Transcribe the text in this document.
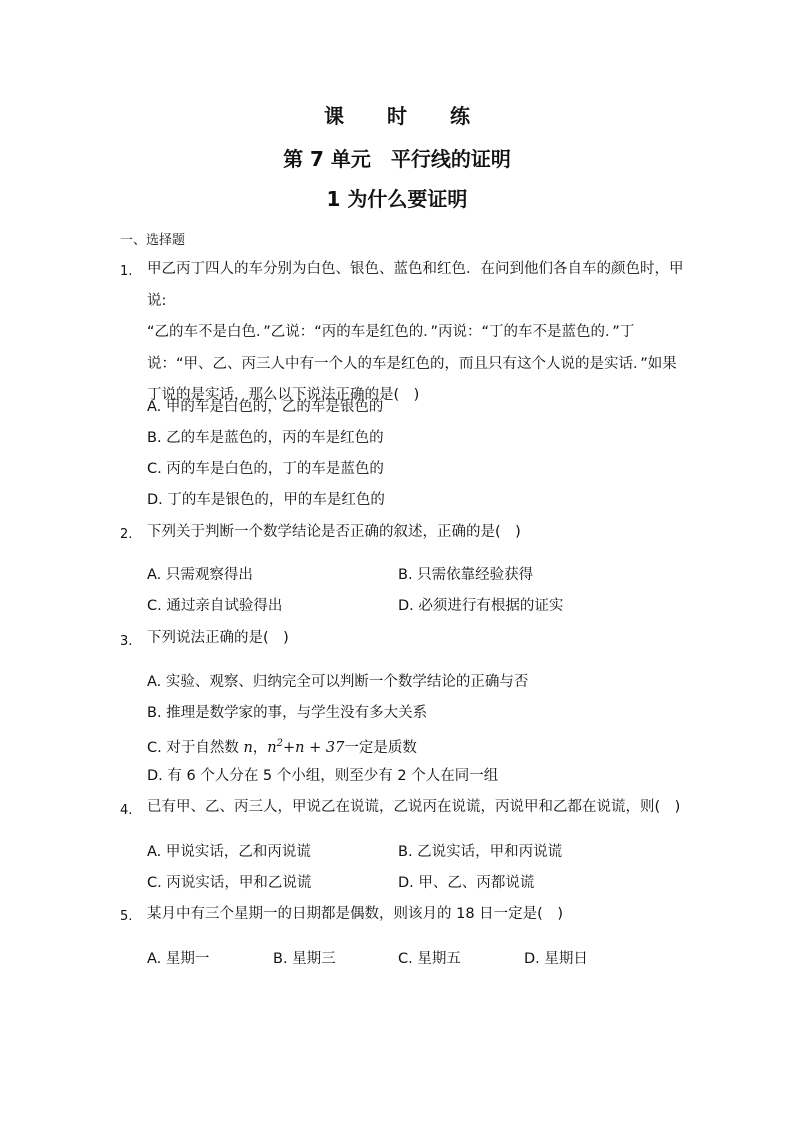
课 时 练
第 7 单元　平行线的证明
1 为什么要证明
一、选择题
1. 甲乙丙丁四人的车分别为白色、银色、蓝色和红色．在问到他们各自车的颜色时，甲说:
“乙的车不是白色．”乙说：“丙的车是红色的．”丙说：“丁的车不是蓝色的．”丁
说：“甲、乙、丙三人中有一个人的车是红色的，而且只有这个人说的是实话．”如果
丁说的是实话，那么以下说法正确的是(　)
A. 甲的车是白色的，乙的车是银色的
B. 乙的车是蓝色的，丙的车是红色的
C. 丙的车是白色的，丁的车是蓝色的
D. 丁的车是银色的，甲的车是红色的
2. 下列关于判断一个数学结论是否正确的叙述，正确的是(　)
A. 只需观察得出	B. 只需依靠经验获得
C. 通过亲自试验得出	D. 必须进行有根据的证实
3. 下列说法正确的是(　)
A. 实验、观察、归纳完全可以判断一个数学结论的正确与否
B. 推理是数学家的事，与学生没有多大关系
C. 对于自然数 n，$n^2+n + 37$一定是质数
D. 有 6 个人分在 5 个小组，则至少有 2 个人在同一组
4. 已有甲、乙、丙三人，甲说乙在说谎，乙说丙在说谎，丙说甲和乙都在说谎，则(　)
A. 甲说实话，乙和丙说谎	B. 乙说实话，甲和丙说谎
C. 丙说实话，甲和乙说谎	D. 甲、乙、丙都说谎
5. 某月中有三个星期一的日期都是偶数，则该月的 18 日一定是(　)
A. 星期一	B. 星期三	C. 星期五	D. 星期日
